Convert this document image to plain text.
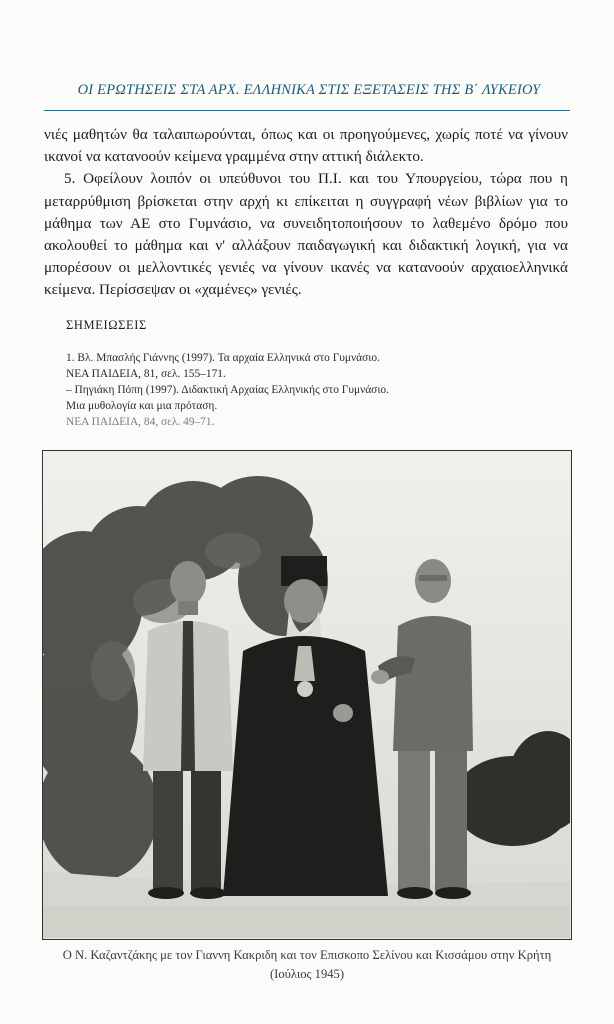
ΟΙ ΕΡΩΤΗΣΕΙΣ ΣΤΑ ΑΡΧ. ΕΛΛΗΝΙΚΑ ΣΤΙΣ ΕΞΕΤΑΣΕΙΣ ΤΗΣ Β΄ ΛΥΚΕΙΟΥ

νιές μαθητών θα ταλαιπωρούνται, όπως και οι προηγούμενες, χωρίς ποτέ να γίνουν ικανοί να κατανοούν κείμενα γραμμένα στην αττική διάλεκτο.

5. Οφείλουν λοιπόν οι υπεύθυνοι του Π.Ι. και του Υπουργείου, τώρα που η μεταρρύθμιση βρίσκεται στην αρχή κι επίκειται η συγγραφή νέων βιβλίων για το μάθημα των ΑΕ στο Γυμνάσιο, να συνειδητοποιήσουν το λαθεμένο δρόμο που ακολουθεί το μάθημα και ν' αλλάξουν παιδαγωγική και διδακτική λογική, για να μπορέσουν οι μελλοντικές γενιές να γίνουν ικανές να κατανοούν αρχαιοελληνικά κείμενα. Περίσσεψαν οι «χαμένες» γενιές.

ΣΗΜΕΙΩΣΕΙΣ
1. Βλ. Μπασλής Γιάννης (1997). Τα αρχαία Ελληνικά στο Γυμνάσιο.
ΝΕΑ ΠΑΙΔΕΙΑ, 81, σελ. 155–171.
– Πηγιάκη Πόπη (1997). Διδακτική Αρχαίας Ελληνικής στο Γυμνάσιο.
Μια μυθολογία και μια πρόταση.
ΝΕΑ ΠΑΙΔΕΙΑ, 84, σελ. 49–71.
Ο Ν. Καζαντζάκης με τον Γιαννη Κακριδη και τον Επισκοπο Σελίνου και Κισσάμου στην Κρήτη (Ιούλιος 1945)
